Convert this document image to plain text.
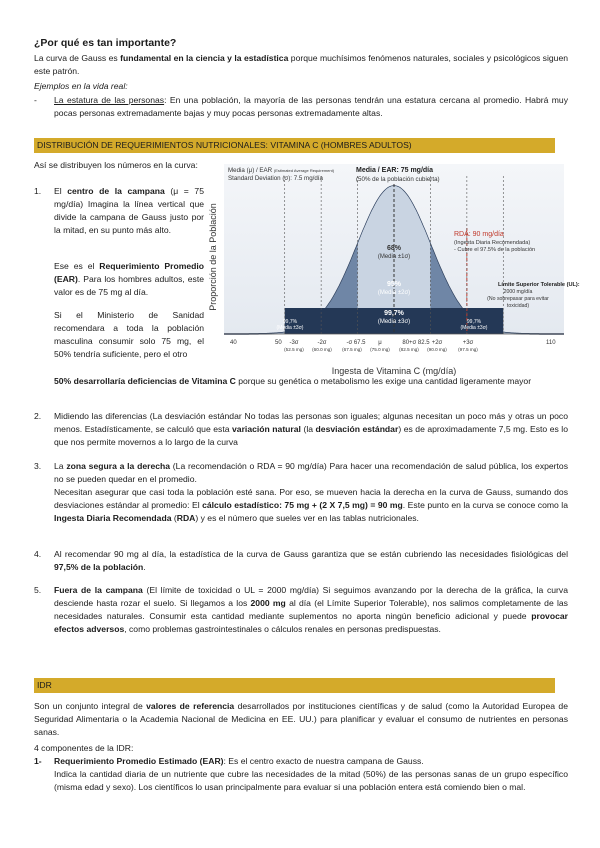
¿Por qué es tan importante?
La curva de Gauss es fundamental en la ciencia y la estadística porque muchísimos fenómenos naturales, sociales y psicológicos siguen este patrón.
Ejemplos en la vida real:
- La estatura de las personas: En una población, la mayoría de las personas tendrán una estatura cercana al promedio. Habrá muy pocas personas extremadamente bajas y muy pocas personas extremadamente altas.
DISTRIBUCIÓN DE REQUERIMIENTOS NUTRICIONALES: VITAMINA C (HOMBRES ADULTOS)
Así se distribuyen los números en la curva:
1. El centro de la campana (μ = 75 mg/día) Imagina la línea vertical que divide la campana de Gauss justo por la mitad, en su punto más alto.
Ese es el Requerimiento Promedio (EAR). Para los hombres adultos, este valor es de 75 mg al día.
Si el Ministerio de Sanidad recomendara a toda la población masculina consumir solo 75 mg, el 50% tendría suficiente, pero el otro
50% desarrollaría deficiencias de Vitamina C porque su genética o metabolismo les exige una cantidad ligeramente mayor
Proporción de la Población
Ingesta de Vitamina C (mg/día)
Media (μ) / EAR (Estimated Average Requirement)
Standard Deviation (σ): 7.5 mg/día
Media / EAR: 75 mg/día
(50% de la población cubierta)
RDA: 90 mg/día
(Ingesta Diaria Recomendada)
- Cubre el 97.5% de la población
Límite Superior Tolerable (UL):
2000 mg/día
(No sobrepasar para evitar
toxicidad)
68%
(Media ±1σ)
95%
(Media ±2σ)
99,7%
(Media ±3σ)
99,7% (Media ±3σ)
99,7% (Media ±3σ)
40	50 -3σ
(52.5 mg)
-2σ
(60.0 mg)
-σ 67.5
(67.5 mg)
μ
(75.0 mg)
80+σ 82.5
(82.5 mg)
+2σ
(90.0 mg)
+3σ
(97.5 mg)
110
2. Midiendo las diferencias (La desviación estándar No todas las personas son iguales; algunas necesitan un poco más y otras un poco menos. Estadísticamente, se calculó que esta variación natural (la desviación estándar) es de aproximadamente 7,5 mg. Esto es lo que nos permite movernos a lo largo de la curva
3. La zona segura a la derecha (La recomendación o RDA = 90 mg/día) Para hacer una recomendación de salud pública, los expertos no se pueden quedar en el promedio.
Necesitan asegurar que casi toda la población esté sana. Por eso, se mueven hacia la derecha en la curva de Gauss, sumando dos desviaciones estándar al promedio: El cálculo estadístico: 75 mg + (2 X 7,5 mg) = 90 mg. Este punto en la curva se conoce como la Ingesta Diaria Recomendada (RDA) y es el número que sueles ver en las tablas nutricionales.
4. Al recomendar 90 mg al día, la estadística de la curva de Gauss garantiza que se están cubriendo las necesidades fisiológicas del 97,5% de la población.
5. Fuera de la campana (El límite de toxicidad o UL = 2000 mg/día) Si seguimos avanzando por la derecha de la gráfica, la curva desciende hasta rozar el suelo. Si llegamos a los 2000 mg al día (el Límite Superior Tolerable), nos salimos completamente de las necesidades naturales. Consumir esta cantidad mediante suplementos no aporta ningún beneficio adicional y puede provocar efectos adversos, como problemas gastrointestinales o cálculos renales en personas predispuestas.
IDR
Son un conjunto integral de valores de referencia desarrollados por instituciones científicas y de salud (como la Autoridad Europea de Seguridad Alimentaria o la Academia Nacional de Medicina en EE. UU.) para planificar y evaluar el consumo de nutrientes en personas sanas.
4 componentes de la IDR:
1- Requerimiento Promedio Estimado (EAR): Es el centro exacto de nuestra campana de Gauss.
Indica la cantidad diaria de un nutriente que cubre las necesidades de la mitad (50%) de las personas sanas de un grupo específico (misma edad y sexo). Los científicos lo usan principalmente para evaluar si una población entera está comiendo bien o mal.
